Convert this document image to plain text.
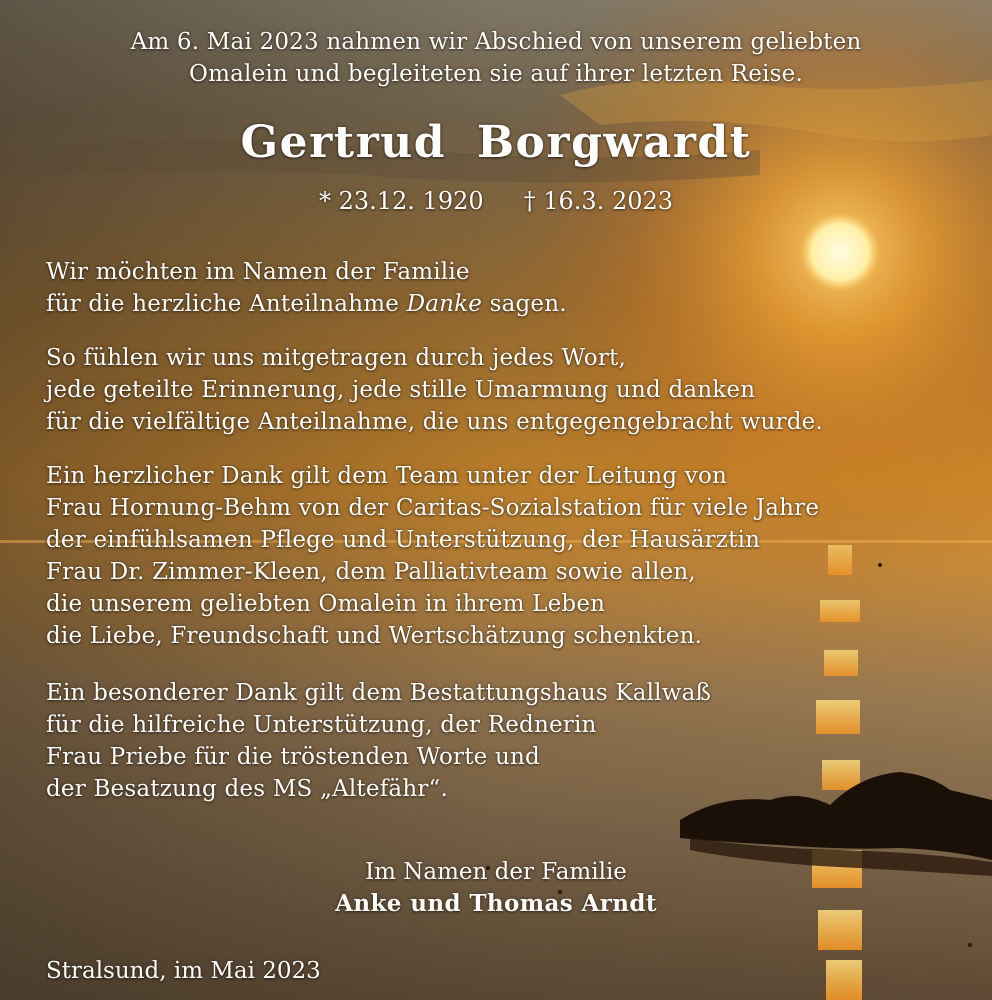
Am 6. Mai 2023 nahmen wir Abschied von unserem geliebten
Omalein und begleiteten sie auf ihrer letzten Reise.
Gertrud Borgwardt
* 23.12. 1920 † 16.3. 2023
Wir möchten im Namen der Familie
für die herzliche Anteilnahme Danke sagen.
So fühlen wir uns mitgetragen durch jedes Wort,
jede geteilte Erinnerung, jede stille Umarmung und danken
für die vielfältige Anteilnahme, die uns entgegengebracht wurde.
Ein herzlicher Dank gilt dem Team unter der Leitung von
Frau Hornung-Behm von der Caritas-Sozialstation für viele Jahre
der einfühlsamen Pflege und Unterstützung, der Hausärztin
Frau Dr. Zimmer-Kleen, dem Palliativteam sowie allen,
die unserem geliebten Omalein in ihrem Leben
die Liebe, Freundschaft und Wertschätzung schenkten.
Ein besonderer Dank gilt dem Bestattungshaus Kallwaß
für die hilfreiche Unterstützung, der Rednerin
Frau Priebe für die tröstenden Worte und
der Besatzung des MS „Altefähr“.
Im Namen der Familie
Anke und Thomas Arndt
Stralsund, im Mai 2023
